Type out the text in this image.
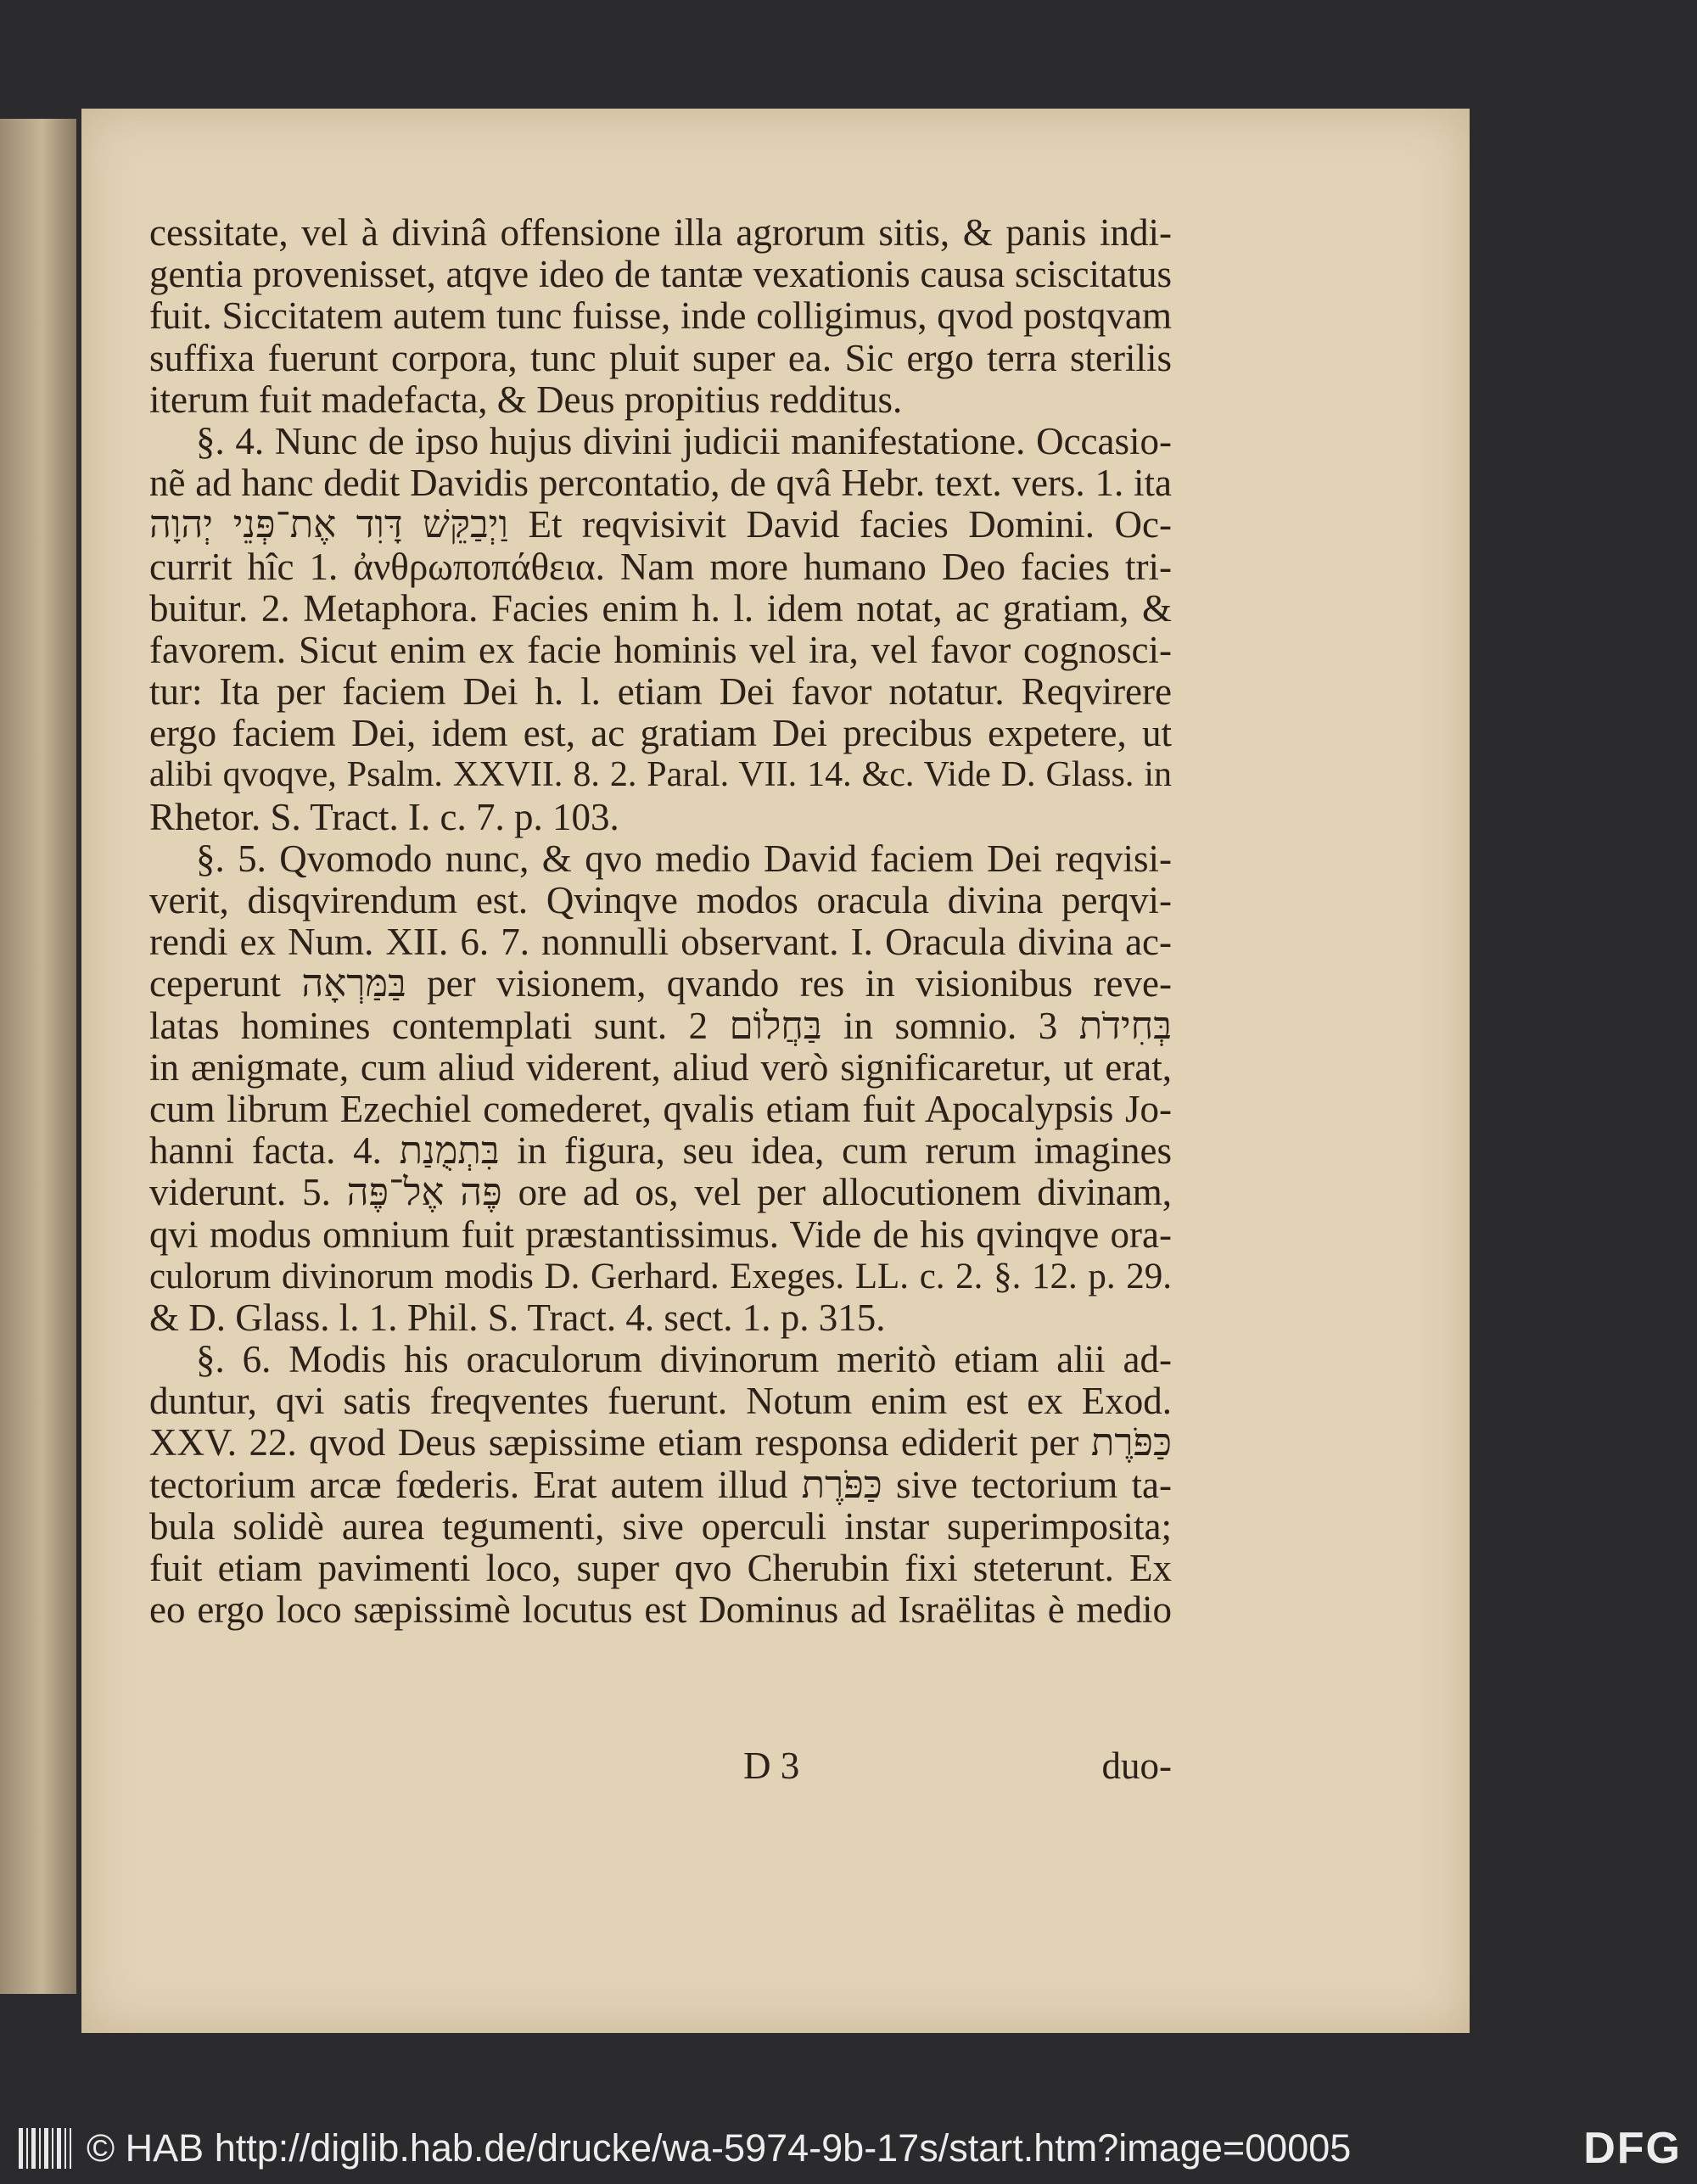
cessitate, vel à divinâ offensione illa agrorum sitis, & panis indi-
gentia provenisset, atqve ideo de tantæ vexationis causa sciscitatus
fuit. Siccitatem autem tunc fuisse, inde colligimus, qvod postqvam
suffixa fuerunt corpora, tunc pluit super ea. Sic ergo terra sterilis
iterum fuit madefacta, & Deus propitius redditus.
§. 4. Nunc de ipso hujus divini judicii manifestatione. Occasio-
nẽ ad hanc dedit Davidis percontatio, de qvâ Hebr. text. vers. 1. ita
וַיְבַקֵּשׁ דָּוִד אֶת־פְּנֵי יְהוָה Et reqvisivit David facies Domini. Oc-
currit hîc 1. ἀνθρωποπάθεια. Nam more humano Deo facies tri-
buitur. 2. Metaphora. Facies enim h. l. idem notat, ac gratiam, &
favorem. Sicut enim ex facie hominis vel ira, vel favor cognosci-
tur: Ita per faciem Dei h. l. etiam Dei favor notatur. Reqvirere
ergo faciem Dei, idem est, ac gratiam Dei precibus expetere, ut
alibi qvoqve, Psalm. XXVII. 8. 2. Paral. VII. 14. &c. Vide D. Glass. in
Rhetor. S. Tract. I. c. 7. p. 103.
§. 5. Qvomodo nunc, & qvo medio David faciem Dei reqvisi-
verit, disqvirendum est. Qvinqve modos oracula divina perqvi-
rendi ex Num. XII. 6. 7. nonnulli observant. I. Oracula divina ac-
ceperunt בַּמַּרְאָה per visionem, qvando res in visionibus reve-
latas homines contemplati sunt. 2 בַּחֲלוֹם in somnio. 3 בְּחִידֹת
in ænigmate, cum aliud viderent, aliud verò significaretur, ut erat,
cum librum Ezechiel comederet, qvalis etiam fuit Apocalypsis Jo-
hanni facta. 4. בִּתְמֻנַת in figura, seu idea, cum rerum imagines
viderunt. 5. פֶּה אֶל־פֶּה ore ad os, vel per allocutionem divinam,
qvi modus omnium fuit præstantissimus. Vide de his qvinqve ora-
culorum divinorum modis D. Gerhard. Exeges. LL. c. 2. §. 12. p. 29.
& D. Glass. l. 1. Phil. S. Tract. 4. sect. 1. p. 315.
§. 6. Modis his oraculorum divinorum meritò etiam alii ad-
duntur, qvi satis freqventes fuerunt. Notum enim est ex Exod.
XXV. 22. qvod Deus sæpissime etiam responsa ediderit per כַּפֹּרֶת
tectorium arcæ fœderis. Erat autem illud כַּפֹּרֶת sive tectorium ta-
bula solidè aurea tegumenti, sive operculi instar superimposita;
fuit etiam pavimenti loco, super qvo Cherubin fixi steterunt. Ex
eo ergo loco sæpissimè locutus est Dominus ad Israëlitas è medio
D 3	duo-
© HAB http://diglib.hab.de/drucke/wa-5974-9b-17s/start.htm?image=00005	DFG
